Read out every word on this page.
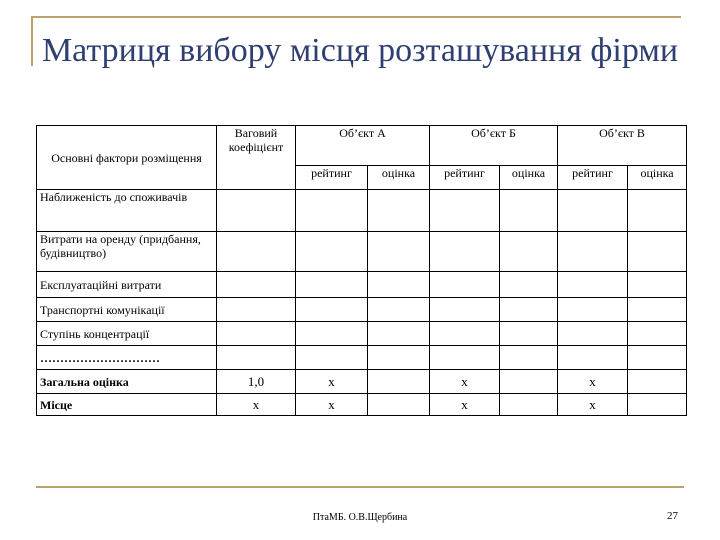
Матриця вибору місця розташування фірми
Основні фактори розміщення	Ваговий коефіцієнт	Об’єкт А		Об’єкт Б		Об’єкт В	
		рейтинг	оцінка	рейтинг	оцінка	рейтинг	оцінка
Наближеність до споживачів							
Витрати на оренду (придбання, будівництво)							
Експлуатаційні витрати							
Транспортні комунікації							
Ступінь концентрації							
…………………………							
Загальна оцінка	1,0	х		х		х	
Місце	х	х		х		х	
ПтаМБ. О.В.Щербина	27
